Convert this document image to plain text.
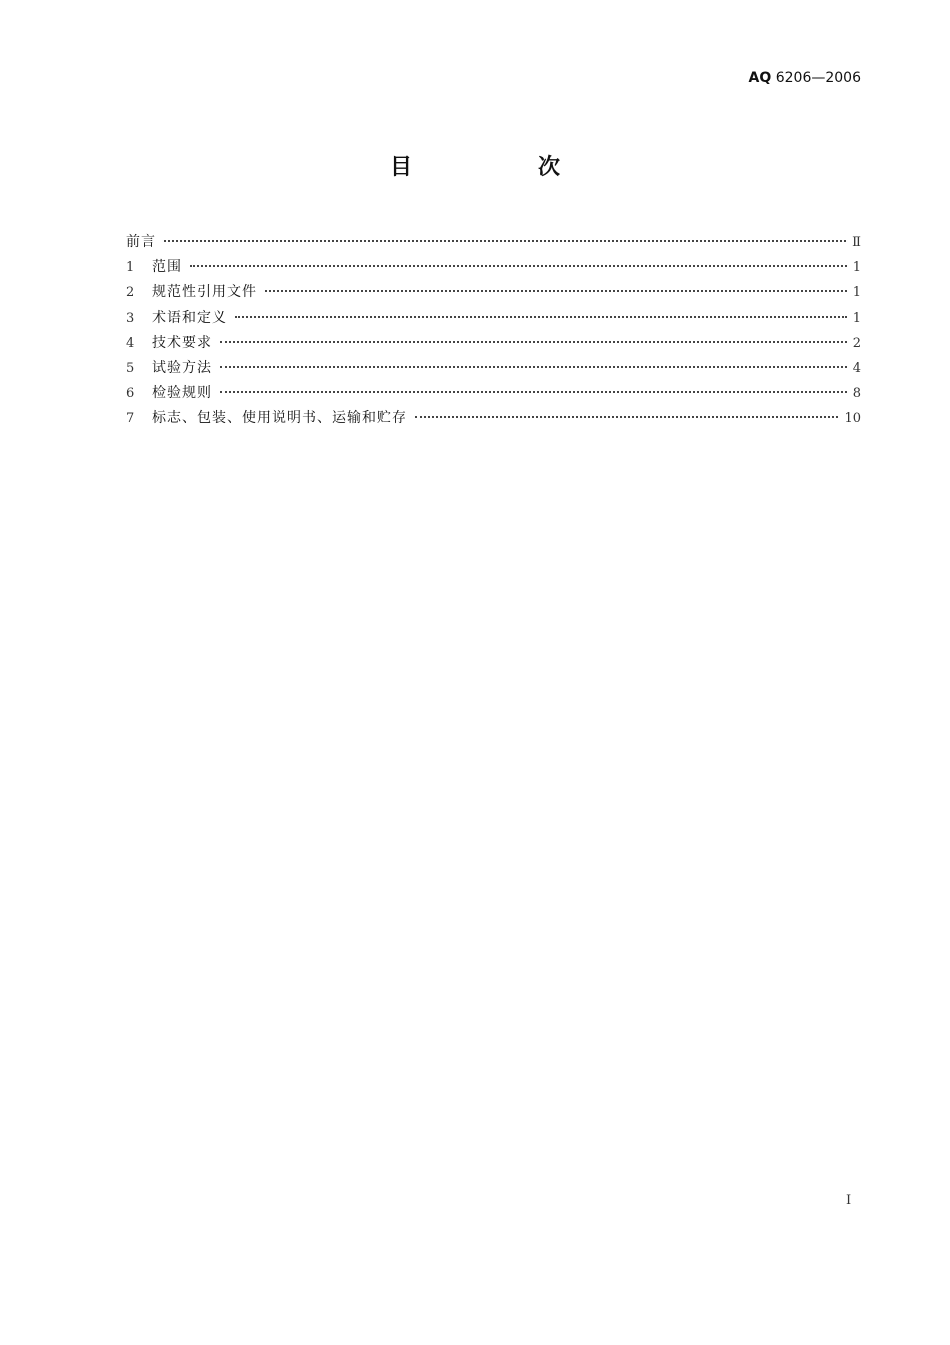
AQ 6206—2006
目　次
前言	Ⅱ
1	范围	1
2	规范性引用文件	1
3	术语和定义	1
4	技术要求	2
5	试验方法	4
6	检验规则	8
7	标志、包装、使用说明书、运输和贮存	10
Ⅰ
